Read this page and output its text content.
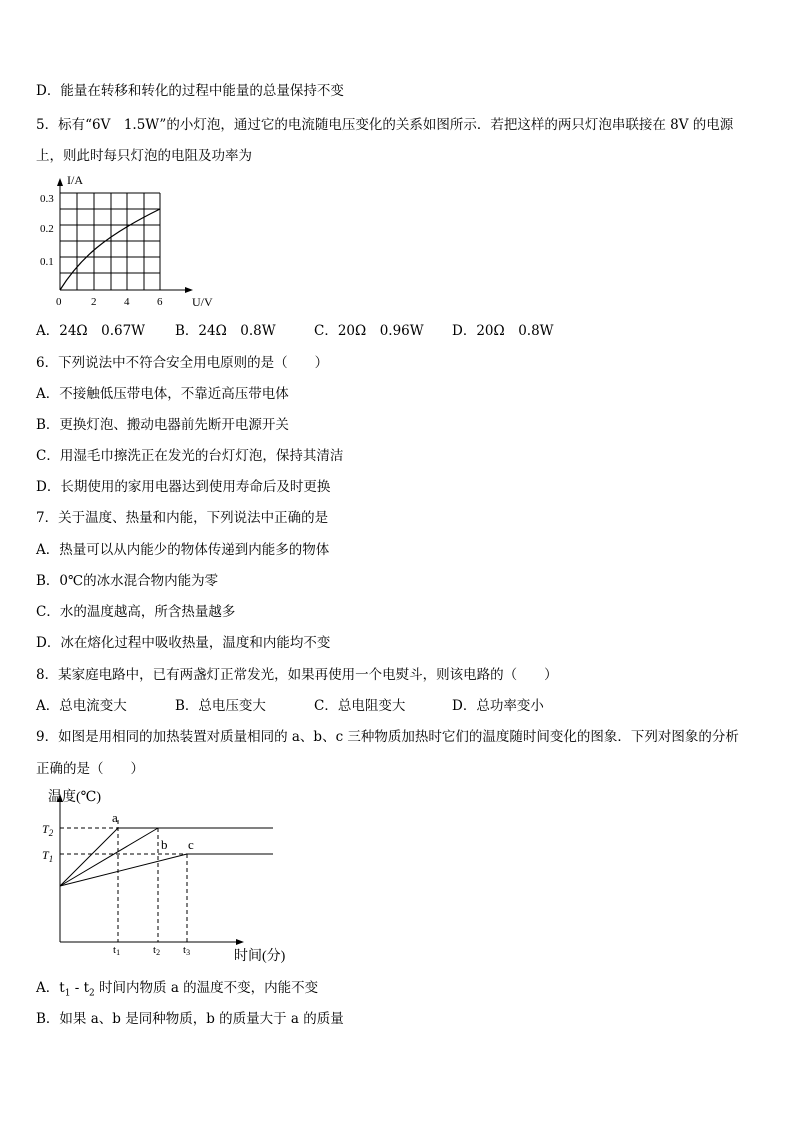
D．能量在转移和转化的过程中能量的总量保持不变
5．标有“6V　1.5W”的小灯泡，通过它的电流随电压变化的关系如图所示．若把这样的两只灯泡串联接在 8V 的电源
上，则此时每只灯泡的电阻及功率为
I/A
0.3
0.2
0.1
0	2	4	6 U/V
A．24Ω　0.67W B．24Ω　0.8W	C．20Ω　0.96W D．20Ω　0.8W
6．下列说法中不符合安全用电原则的是（　　）
A．不接触低压带电体，不靠近高压带电体
B．更换灯泡、搬动电器前先断开电源开关
C．用湿毛巾擦洗正在发光的台灯灯泡，保持其清洁
D．长期使用的家用电器达到使用寿命后及时更换
7．关于温度、热量和内能，下列说法中正确的是
A．热量可以从内能少的物体传递到内能多的物体
B．0℃的冰水混合物内能为零
C．水的温度越高，所含热量越多
D．冰在熔化过程中吸收热量，温度和内能均不变
8．某家庭电路中，已有两盏灯正常发光，如果再使用一个电熨斗，则该电路的（　　）
A．总电流变大	B．总电压变大	C．总电阻变大	D．总功率变小
9．如图是用相同的加热装置对质量相同的 a、b、c 三种物质加热时它们的温度随时间变化的图象．下列对图象的分析
正确的是（　　）
温度(℃)
$T_2$
$T_1$
a
b c
t1	t2 t3	时间(分)
A．$t_1 - t_2$ 时间内物质 a 的温度不变，内能不变
B．如果 a、b 是同种物质，b 的质量大于 a 的质量
